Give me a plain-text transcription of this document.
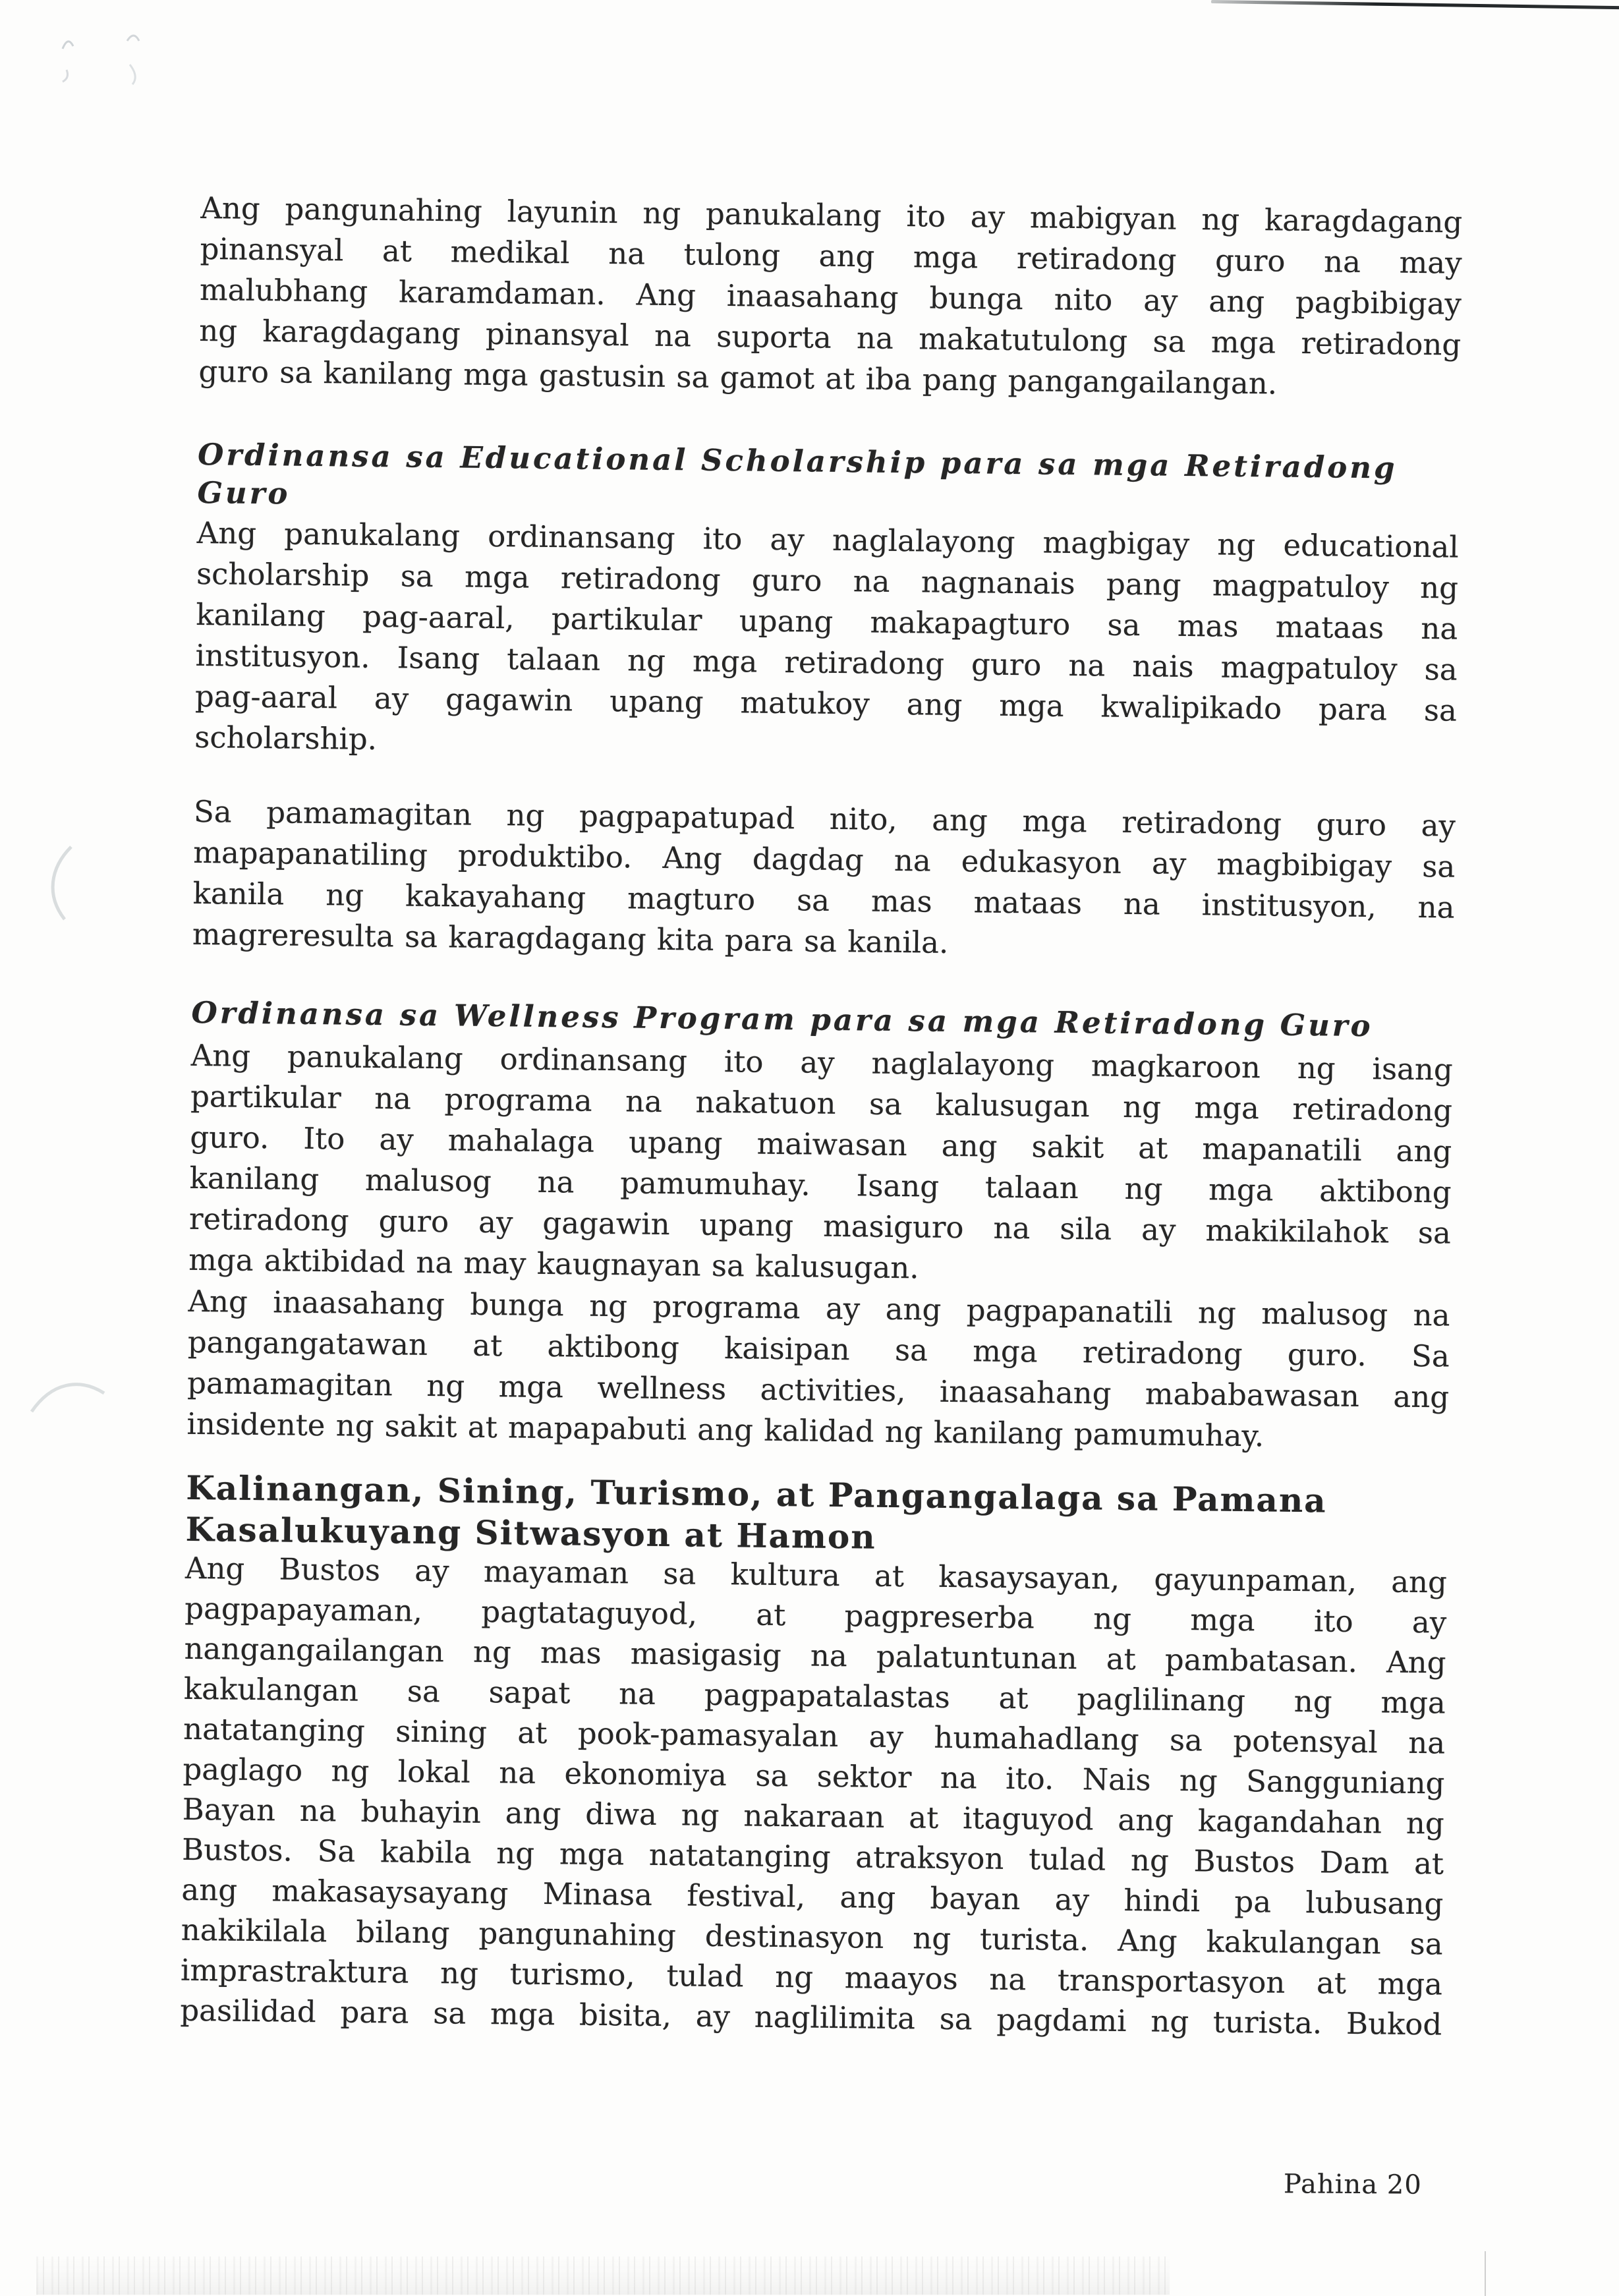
Ang pangunahing layunin ng panukalang ito ay mabigyan ng karagdagang
pinansyal at medikal na tulong ang mga retiradong guro na may
malubhang karamdaman. Ang inaasahang bunga nito ay ang pagbibigay
ng karagdagang pinansyal na suporta na makatutulong sa mga retiradong
guro sa kanilang mga gastusin sa gamot at iba pang pangangailangan.
Ordinansa sa Educational Scholarship para sa mga Retiradong
Guro
Ang panukalang ordinansang ito ay naglalayong magbigay ng educational
scholarship sa mga retiradong guro na nagnanais pang magpatuloy ng
kanilang pag-aaral, partikular upang makapagturo sa mas mataas na
institusyon. Isang talaan ng mga retiradong guro na nais magpatuloy sa
pag-aaral ay gagawin upang matukoy ang mga kwalipikado para sa
scholarship.
Sa pamamagitan ng pagpapatupad nito, ang mga retiradong guro ay
mapapanatiling produktibo. Ang dagdag na edukasyon ay magbibigay sa
kanila ng kakayahang magturo sa mas mataas na institusyon, na
magreresulta sa karagdagang kita para sa kanila.
Ordinansa sa Wellness Program para sa mga Retiradong Guro
Ang panukalang ordinansang ito ay naglalayong magkaroon ng isang
partikular na programa na nakatuon sa kalusugan ng mga retiradong
guro. Ito ay mahalaga upang maiwasan ang sakit at mapanatili ang
kanilang malusog na pamumuhay. Isang talaan ng mga aktibong
retiradong guro ay gagawin upang masiguro na sila ay makikilahok sa
mga aktibidad na may kaugnayan sa kalusugan.
Ang inaasahang bunga ng programa ay ang pagpapanatili ng malusog na
pangangatawan at aktibong kaisipan sa mga retiradong guro. Sa
pamamagitan ng mga wellness activities, inaasahang mababawasan ang
insidente ng sakit at mapapabuti ang kalidad ng kanilang pamumuhay.
Kalinangan, Sining, Turismo, at Pangangalaga sa Pamana
Kasalukuyang Sitwasyon at Hamon
Ang Bustos ay mayaman sa kultura at kasaysayan, gayunpaman, ang
pagpapayaman, pagtataguyod, at pagpreserba ng mga ito ay
nangangailangan ng mas masigasig na palatuntunan at pambatasan. Ang
kakulangan sa sapat na pagpapatalastas at paglilinang ng mga
natatanging sining at pook-pamasyalan ay humahadlang sa potensyal na
paglago ng lokal na ekonomiya sa sektor na ito. Nais ng Sangguniang
Bayan na buhayin ang diwa ng nakaraan at itaguyod ang kagandahan ng
Bustos. Sa kabila ng mga natatanging atraksyon tulad ng Bustos Dam at
ang makasaysayang Minasa festival, ang bayan ay hindi pa lubusang
nakikilala bilang pangunahing destinasyon ng turista. Ang kakulangan sa
imprastraktura ng turismo, tulad ng maayos na transportasyon at mga
pasilidad para sa mga bisita, ay naglilimita sa pagdami ng turista. Bukod
Pahina 20
